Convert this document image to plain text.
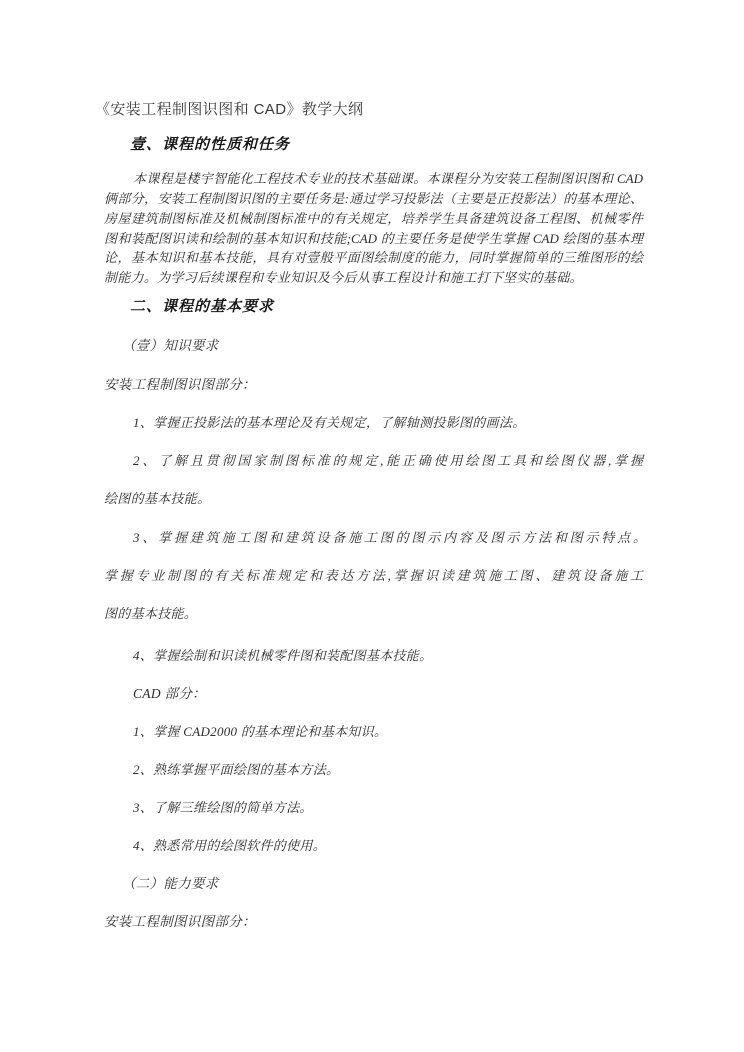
《安装工程制图识图和 CAD》教学大纲
壹、课程的性质和任务
本课程是楼宇智能化工程技术专业的技术基础课。本课程分为安装工程制图识图和 CAD
俩部分，安装工程制图识图的主要任务是:通过学习投影法（主要是正投影法）的基本理论、
房屋建筑制图标准及机械制图标准中的有关规定，培养学生具备建筑设备工程图、机械零件
图和装配图识读和绘制的基本知识和技能;CAD 的主要任务是使学生掌握 CAD 绘图的基本理
论，基本知识和基本技能，具有对壹般平面图绘制度的能力，同时掌握简单的三维图形的绘
制能力。为学习后续课程和专业知识及今后从事工程设计和施工打下坚实的基础。
二、课程的基本要求
（壹）知识要求
安装工程制图识图部分：
1、掌握正投影法的基本理论及有关规定，了解轴测投影图的画法。
2、了解且贯彻国家制图标准的规定,能正确使用绘图工具和绘图仪器,掌握
绘图的基本技能。
3、掌握建筑施工图和建筑设备施工图的图示内容及图示方法和图示特点。
掌握专业制图的有关标准规定和表达方法,掌握识读建筑施工图、建筑设备施工
图的基本技能。
4、掌握绘制和识读机械零件图和装配图基本技能。
CAD 部分：
1、掌握 CAD2000 的基本理论和基本知识。
2、熟练掌握平面绘图的基本方法。
3、了解三维绘图的简单方法。
4、熟悉常用的绘图软件的使用。
（二）能力要求
安装工程制图识图部分：
